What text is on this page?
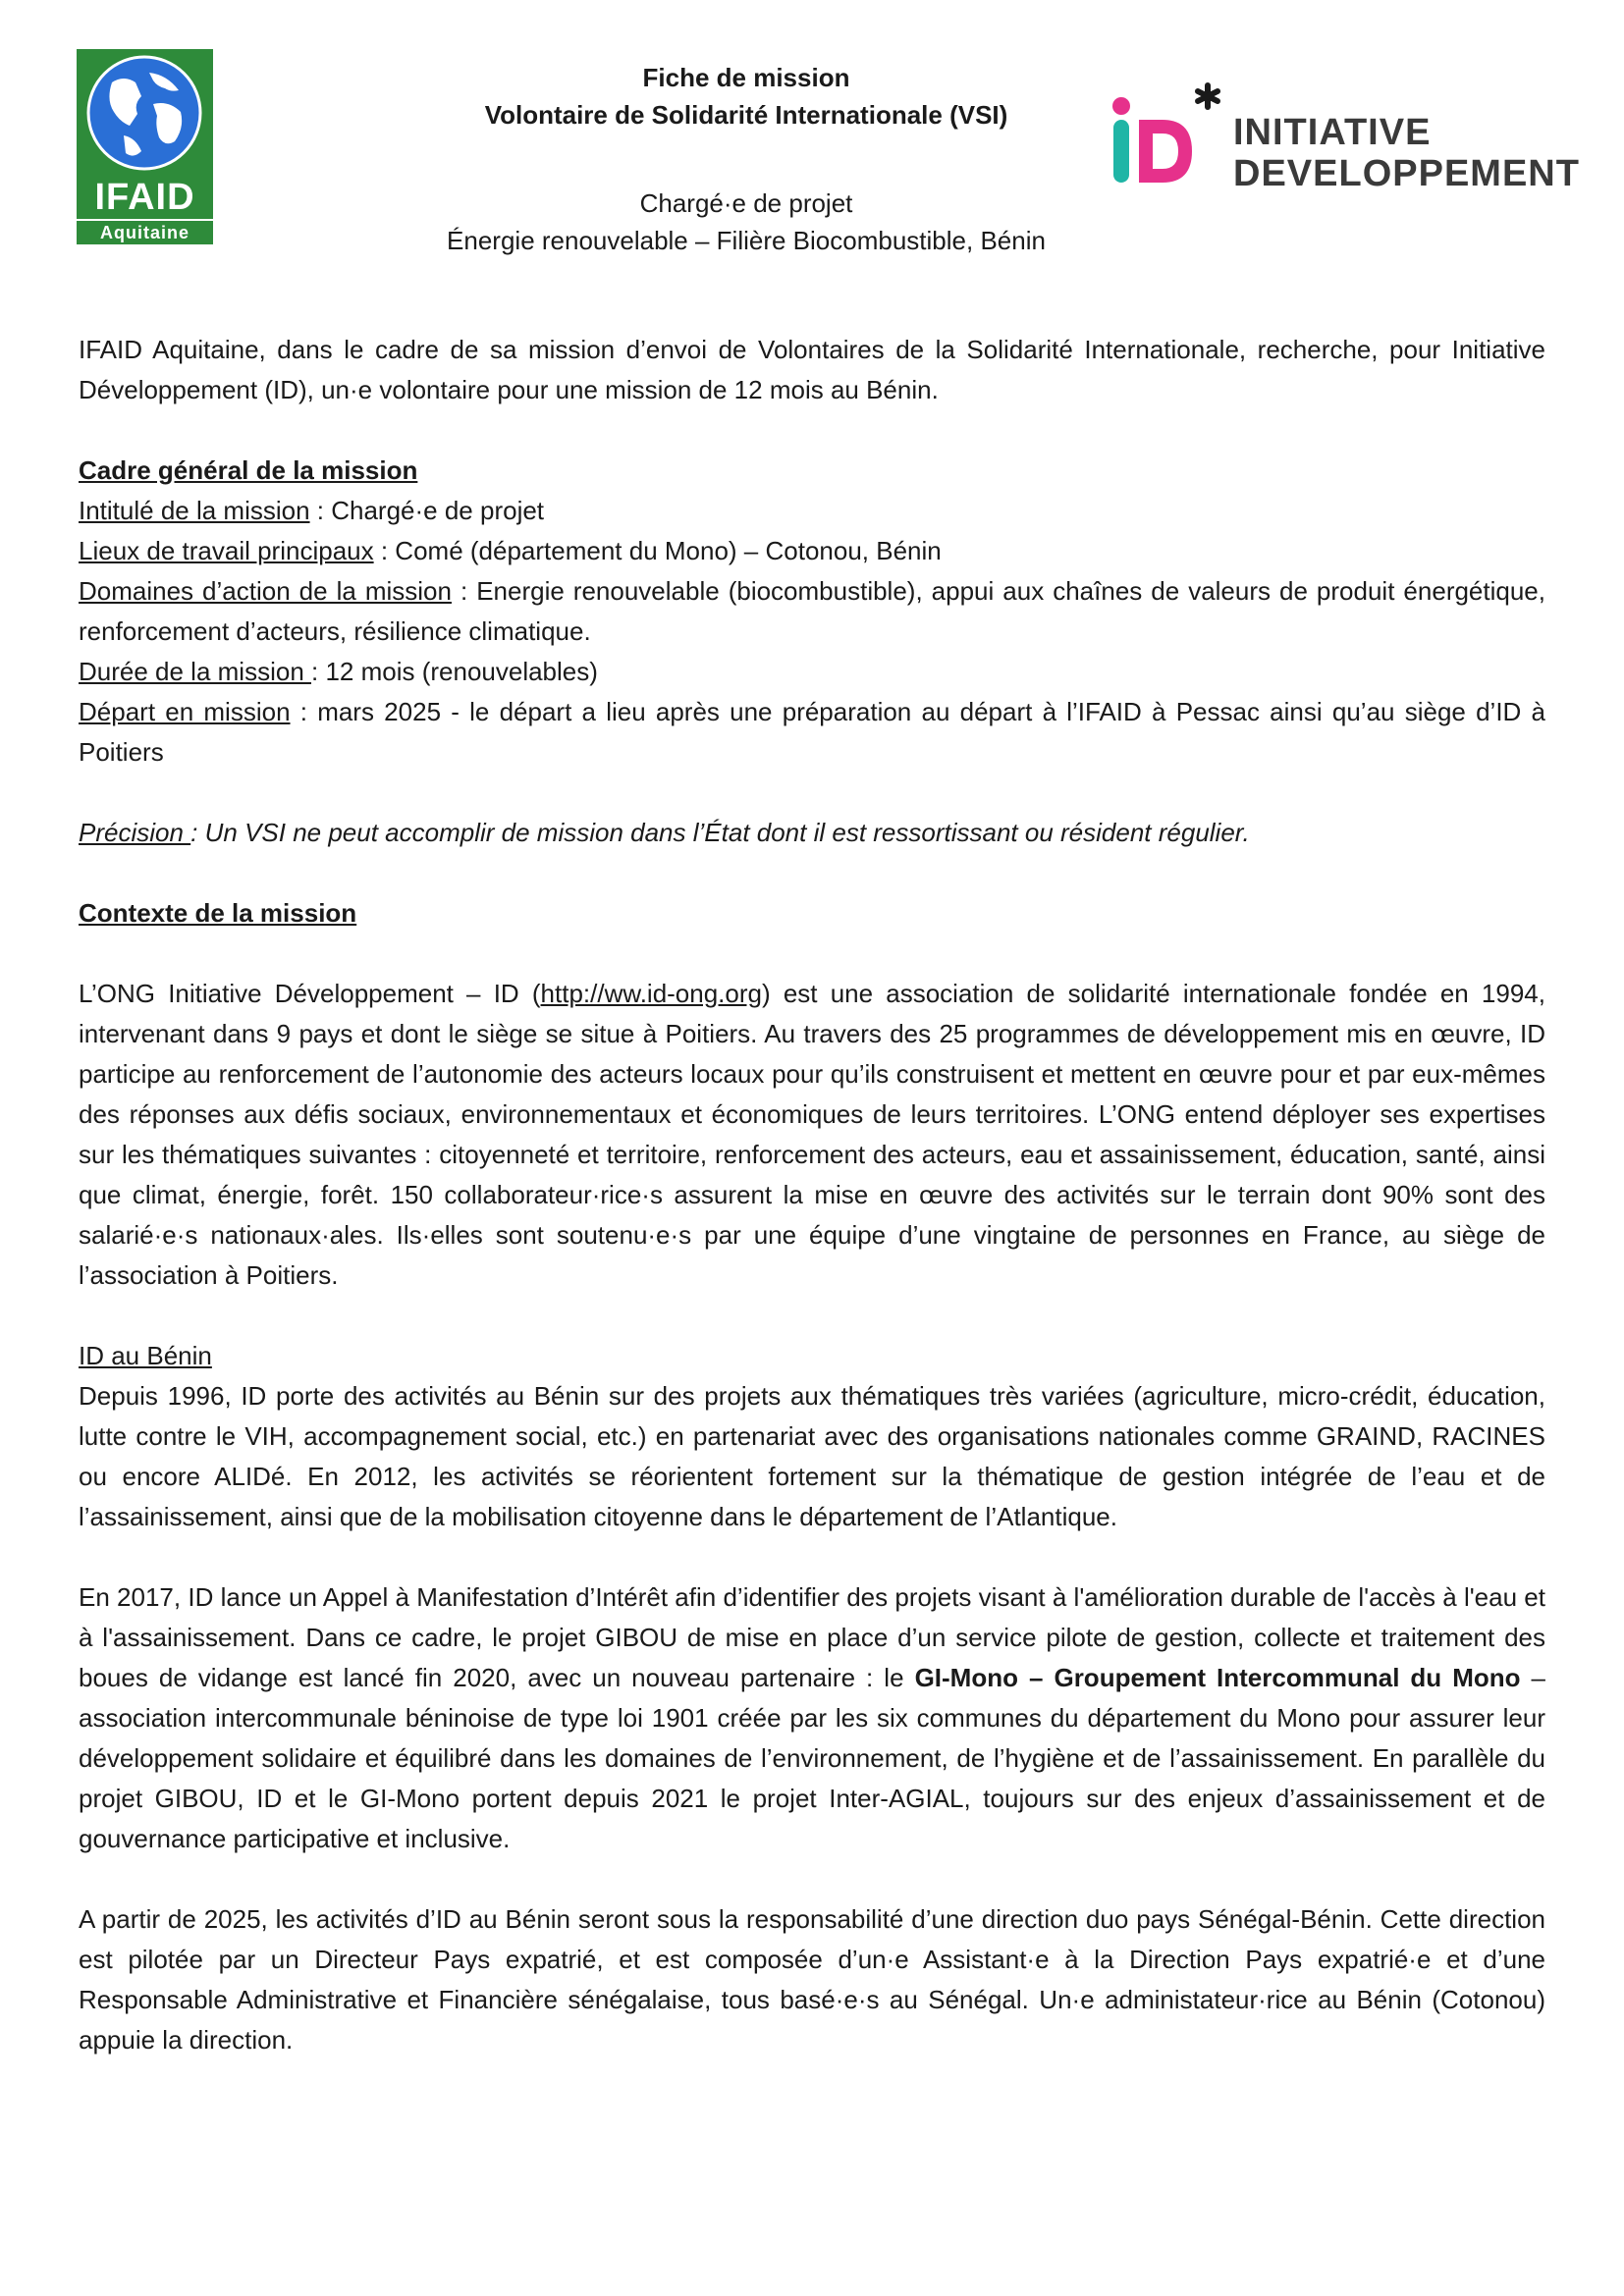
IFAID
Aquitaine
Fiche de mission
Volontaire de Solidarité Internationale (VSI)
Chargé·e de projet
Énergie renouvelable – Filière Biocombustible, Bénin
INITIATIVE
DEVELOPPEMENT

IFAID Aquitaine, dans le cadre de sa mission d’envoi de Volontaires de la Solidarité Internationale, recherche, pour Initiative Développement (ID), un·e volontaire pour une mission de 12 mois au Bénin.

Cadre général de la mission

Intitulé de la mission : Chargé·e de projet

Lieux de travail principaux : Comé (département du Mono) – Cotonou, Bénin

Domaines d’action de la mission : Energie renouvelable (biocombustible), appui aux chaînes de valeurs de produit énergétique, renforcement d’acteurs, résilience climatique.

Durée de la mission : 12 mois (renouvelables)

Départ en mission : mars 2025 - le départ a lieu après une préparation au départ à l’IFAID à Pessac ainsi qu’au siège d’ID à Poitiers

Précision : Un VSI ne peut accomplir de mission dans l’État dont il est ressortissant ou résident régulier.

Contexte de la mission

L’ONG Initiative Développement – ID (http://ww.id-ong.org) est une association de solidarité internationale fondée en 1994, intervenant dans 9 pays et dont le siège se situe à Poitiers. Au travers des 25 programmes de développement mis en œuvre, ID participe au renforcement de l’autonomie des acteurs locaux pour qu’ils construisent et mettent en œuvre pour et par eux-mêmes des réponses aux défis sociaux, environnementaux et économiques de leurs territoires. L’ONG entend déployer ses expertises sur les thématiques suivantes : citoyenneté et territoire, renforcement des acteurs, eau et assainissement, éducation, santé, ainsi que climat, énergie, forêt. 150 collaborateur·rice·s assurent la mise en œuvre des activités sur le terrain dont 90% sont des salarié·e·s nationaux·ales. Ils·elles sont soutenu·e·s par une équipe d’une vingtaine de personnes en France, au siège de l’association à Poitiers.

ID au Bénin

Depuis 1996, ID porte des activités au Bénin sur des projets aux thématiques très variées (agriculture, micro-crédit, éducation, lutte contre le VIH, accompagnement social, etc.) en partenariat avec des organisations nationales comme GRAIND, RACINES ou encore ALIDé. En 2012, les activités se réorientent fortement sur la thématique de gestion intégrée de l’eau et de l’assainissement, ainsi que de la mobilisation citoyenne dans le département de l’Atlantique.

En 2017, ID lance un Appel à Manifestation d’Intérêt afin d’identifier des projets visant à l'amélioration durable de l'accès à l'eau et à l'assainissement. Dans ce cadre, le projet GIBOU de mise en place d’un service pilote de gestion, collecte et traitement des boues de vidange est lancé fin 2020, avec un nouveau partenaire : le GI-Mono – Groupement Intercommunal du Mono – association intercommunale béninoise de type loi 1901 créée par les six communes du département du Mono pour assurer leur développement solidaire et équilibré dans les domaines de l’environnement, de l’hygiène et de l’assainissement. En parallèle du projet GIBOU, ID et le GI-Mono portent depuis 2021 le projet Inter-AGIAL, toujours sur des enjeux d’assainissement et de gouvernance participative et inclusive.

A partir de 2025, les activités d’ID au Bénin seront sous la responsabilité d’une direction duo pays Sénégal-Bénin. Cette direction est pilotée par un Directeur Pays expatrié, et est composée d’un·e Assistant·e à la Direction Pays expatrié·e et d’une Responsable Administrative et Financière sénégalaise, tous basé·e·s au Sénégal. Un·e administateur·rice au Bénin (Cotonou) appuie la direction.
